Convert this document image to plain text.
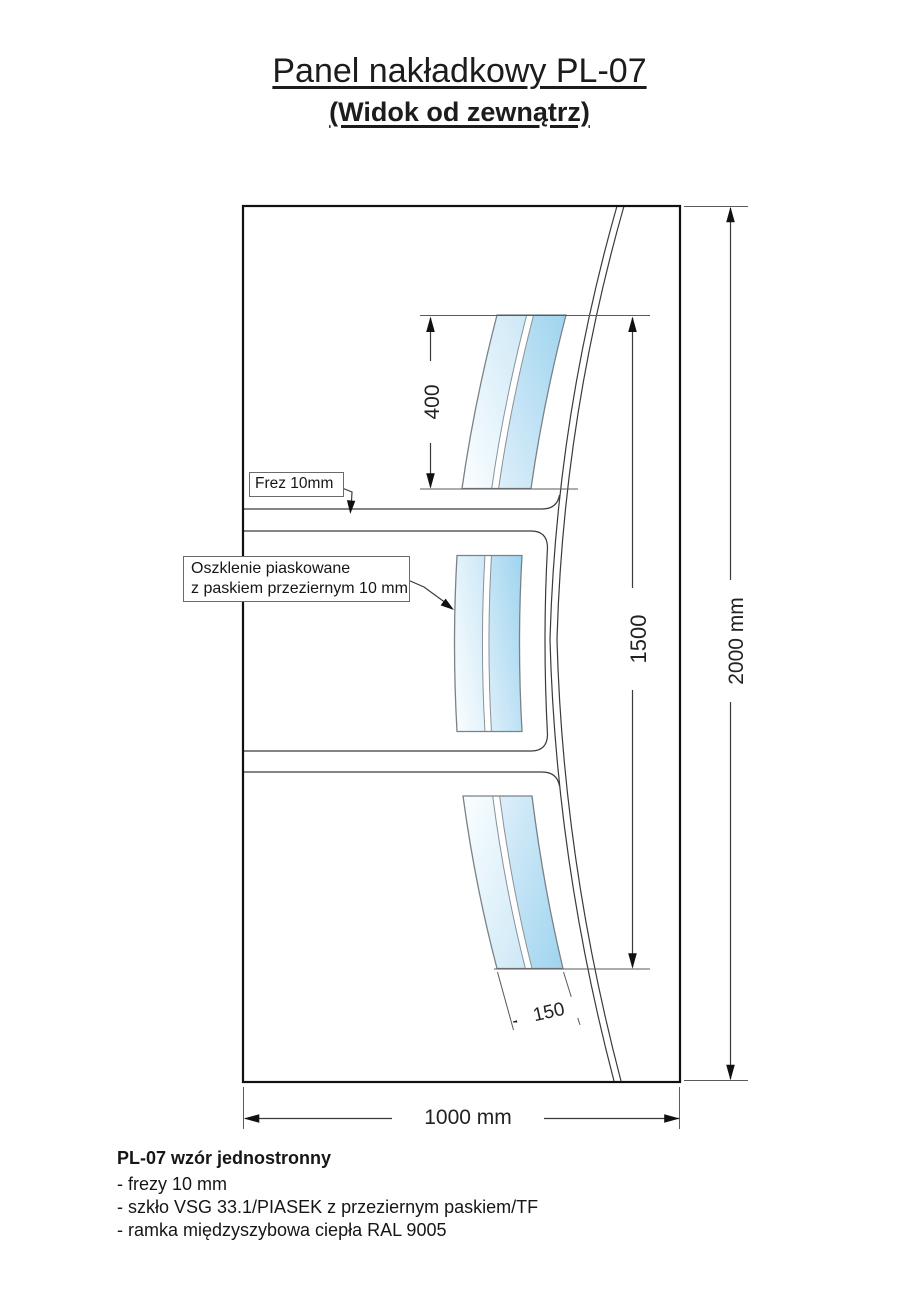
Panel nakładkowy PL-07
(Widok od zewnątrz)
Frez 10mm
Oszklenie piaskowane
z paskiem przeziernym 10 mm
400
1500	2000 mm
1000 mm
150

PL-07 wzór jednostronny

- frezy 10 mm

- szkło VSG 33.1/PIASEK z przeziernym paskiem/TF

- ramka międzyszybowa ciepła RAL 9005
